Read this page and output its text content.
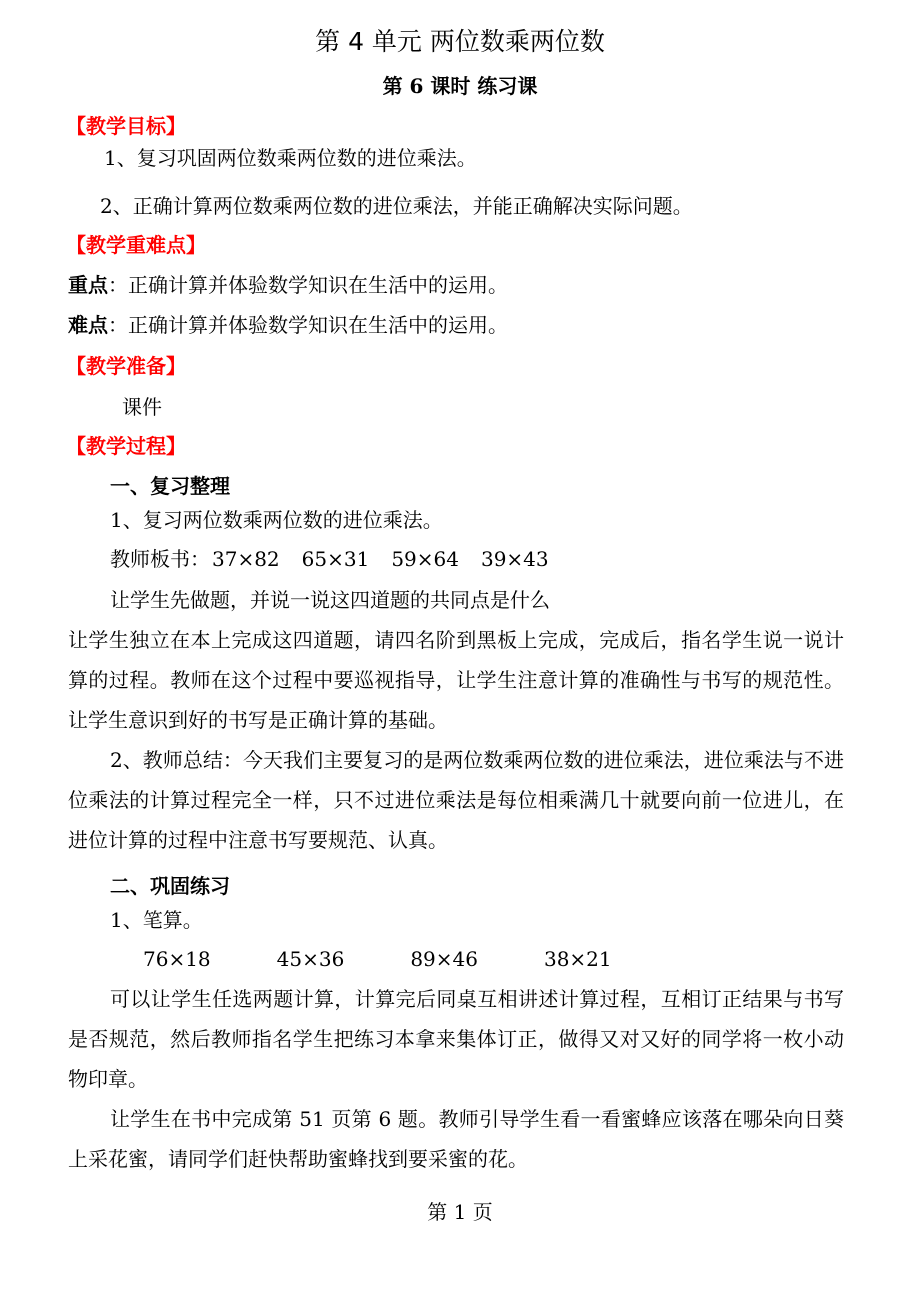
第 4 单元 两位数乘两位数
第 6 课时 练习课
【教学目标】
1、复习巩固两位数乘两位数的进位乘法。
2、正确计算两位数乘两位数的进位乘法，并能正确解决实际问题。
【教学重难点】
重点：正确计算并体验数学知识在生活中的运用。
难点：正确计算并体验数学知识在生活中的运用。
【教学准备】
课件
【教学过程】
一、复习整理
1、复习两位数乘两位数的进位乘法。
教师板书： 37×82 65×31 59×64 39×43
让学生先做题，并说一说这四道题的共同点是什么
让学生独立在本上完成这四道题，请四名阶到黑板上完成，完成后，指名学生说一说计算的过程。教师在这个过程中要巡视指导，让学生注意计算的准确性与书写的规范性。让学生意识到好的书写是正确计算的基础。
2、教师总结：今天我们主要复习的是两位数乘两位数的进位乘法，进位乘法与不进位乘法的计算过程完全一样，只不过进位乘法是每位相乘满几十就要向前一位进儿，在进位计算的过程中注意书写要规范、认真。
二、巩固练习
1、笔算。
76×18	45×36	89×46	38×21
可以让学生任选两题计算，计算完后同桌互相讲述计算过程，互相订正结果与书写是否规范，然后教师指名学生把练习本拿来集体订正，做得又对又好的同学将一枚小动物印章。
让学生在书中完成第 51 页第 6 题。教师引导学生看一看蜜蜂应该落在哪朵向日葵上采花蜜，请同学们赶快帮助蜜蜂找到要采蜜的花。
第 1 页
